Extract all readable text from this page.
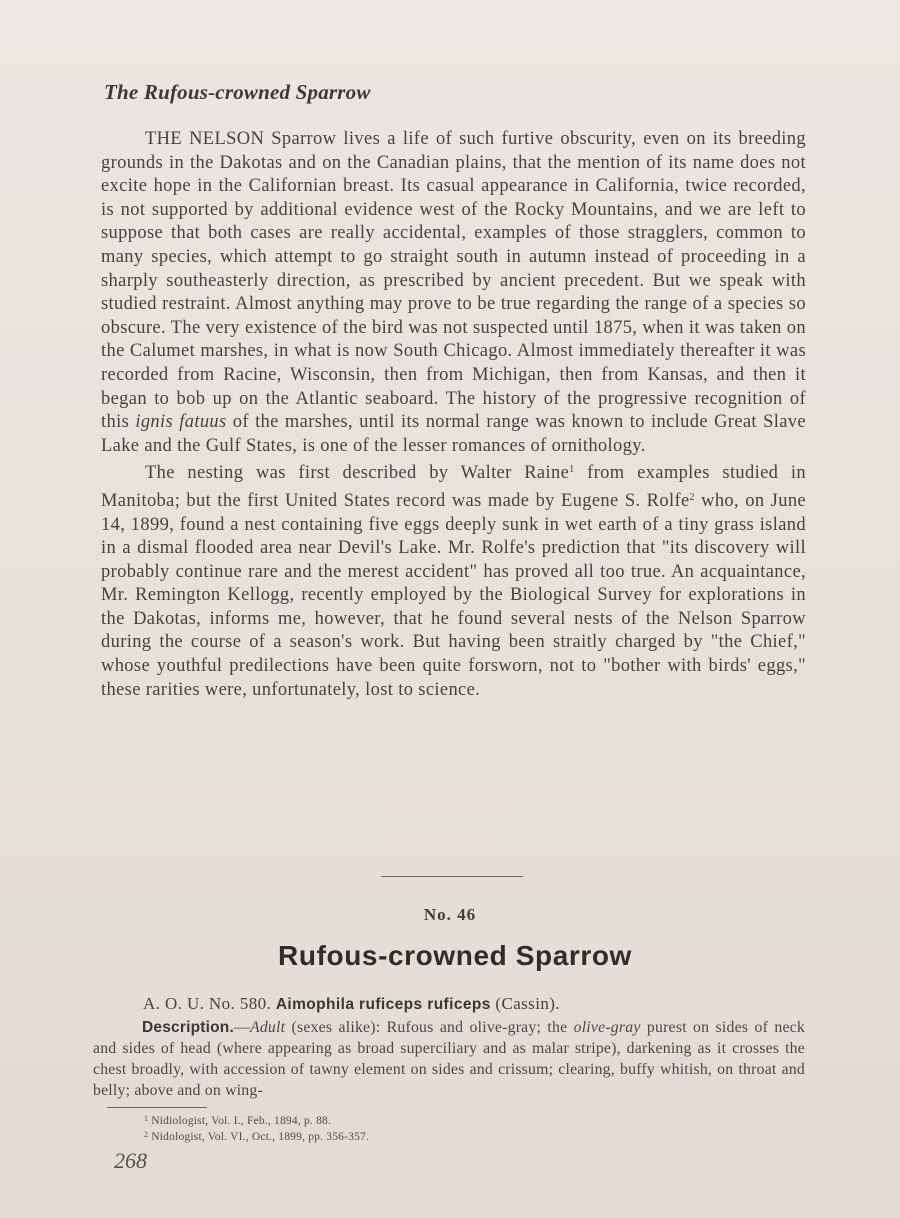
The Rufous-crowned Sparrow

THE NELSON Sparrow lives a life of such furtive obscurity, even on its breeding grounds in the Dakotas and on the Canadian plains, that the mention of its name does not excite hope in the Californian breast. Its casual appearance in California, twice recorded, is not supported by additional evidence west of the Rocky Mountains, and we are left to suppose that both cases are really accidental, examples of those stragglers, common to many species, which attempt to go straight south in autumn instead of proceeding in a sharply southeasterly direction, as prescribed by ancient precedent. But we speak with studied restraint. Almost anything may prove to be true regarding the range of a species so obscure. The very existence of the bird was not suspected until 1875, when it was taken on the Calumet marshes, in what is now South Chicago. Almost immediately thereafter it was recorded from Racine, Wisconsin, then from Michigan, then from Kansas, and then it began to bob up on the Atlantic seaboard. The history of the progressive recognition of this ignis fatuus of the marshes, until its normal range was known to include Great Slave Lake and the Gulf States, is one of the lesser romances of ornithology.

The nesting was first described by Walter Raine$^1$ from examples studied in Manitoba; but the first United States record was made by Eugene S. Rolfe$^2$ who, on June 14, 1899, found a nest containing five eggs deeply sunk in wet earth of a tiny grass island in a dismal flooded area near Devil's Lake. Mr. Rolfe's prediction that "its discovery will probably continue rare and the merest accident" has proved all too true. An acquaintance, Mr. Remington Kellogg, recently employed by the Biological Survey for explorations in the Dakotas, informs me, however, that he found several nests of the Nelson Sparrow during the course of a season's work. But having been straitly charged by "the Chief," whose youthful predilections have been quite forsworn, not to "bother with birds' eggs," these rarities were, unfortunately, lost to science.

No. 46
Rufous-crowned Sparrow
A. O. U. No. 580. Aimophila ruficeps ruficeps (Cassin).
Description.—Adult (sexes alike): Rufous and olive-gray; the olive-gray purest on sides of neck and sides of head (where appearing as broad superciliary and as malar stripe), darkening as it crosses the chest broadly, with accession of tawny element on sides and crissum; clearing, buffy whitish, on throat and belly; above and on wing-
$^1$ Nidiologist, Vol. I., Feb., 1894, p. 88.
$^2$ Nidologist, Vol. VI., Oct., 1899, pp. 356-357.
268
